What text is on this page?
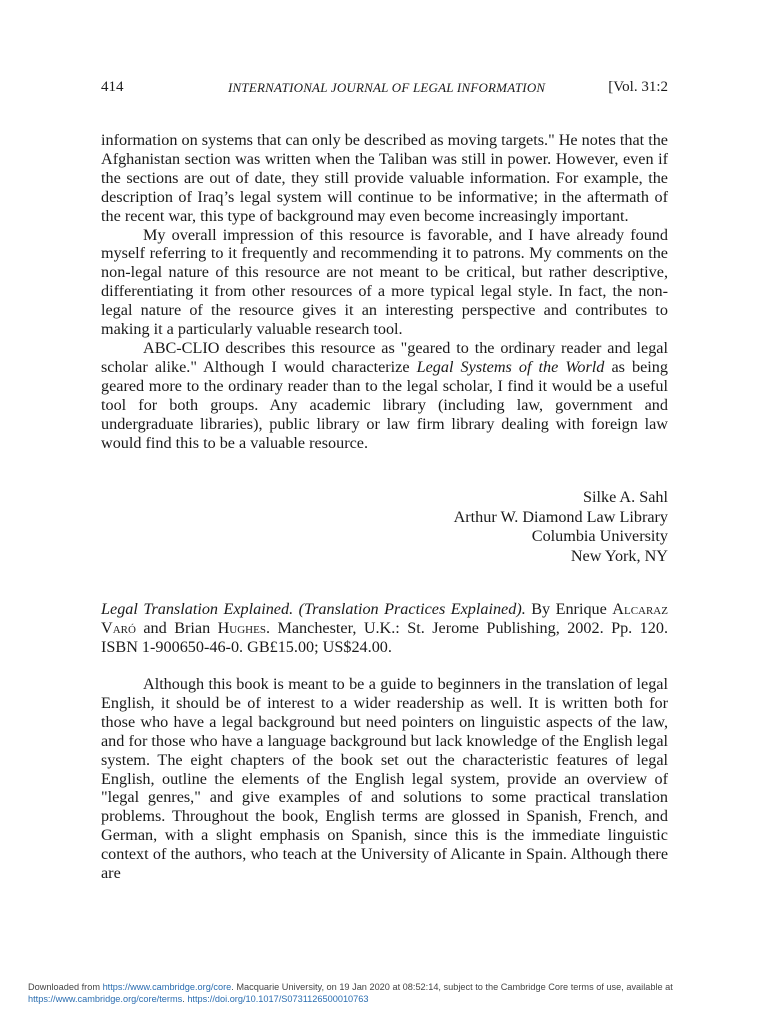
414	INTERNATIONAL JOURNAL OF LEGAL INFORMATION	[Vol. 31:2

information on systems that can only be described as moving targets." He notes that the Afghanistan section was written when the Taliban was still in power. However, even if the sections are out of date, they still provide valuable information. For example, the description of Iraq’s legal system will continue to be informative; in the aftermath of the recent war, this type of background may even become increasingly important.

My overall impression of this resource is favorable, and I have already found myself referring to it frequently and recommending it to patrons. My comments on the non-legal nature of this resource are not meant to be critical, but rather descriptive, differentiating it from other resources of a more typical legal style. In fact, the non-legal nature of the resource gives it an interesting perspective and contributes to making it a particularly valuable research tool.

ABC-CLIO describes this resource as "geared to the ordinary reader and legal scholar alike." Although I would characterize Legal Systems of the World as being geared more to the ordinary reader than to the legal scholar, I find it would be a useful tool for both groups. Any academic library (including law, government and undergraduate libraries), public library or law firm library dealing with foreign law would find this to be a valuable resource.

Silke A. Sahl
Arthur W. Diamond Law Library
Columbia University
New York, NY

Legal Translation Explained. (Translation Practices Explained). By Enrique Alcaraz Varó and Brian Hughes. Manchester, U.K.: St. Jerome Publishing, 2002. Pp. 120. ISBN 1-900650-46-0. GB£15.00; US$24.00.

Although this book is meant to be a guide to beginners in the translation of legal English, it should be of interest to a wider readership as well. It is written both for those who have a legal background but need pointers on linguistic aspects of the law, and for those who have a language background but lack knowledge of the English legal system. The eight chapters of the book set out the characteristic features of legal English, outline the elements of the English legal system, provide an overview of "legal genres," and give examples of and solutions to some practical translation problems. Throughout the book, English terms are glossed in Spanish, French, and German, with a slight emphasis on Spanish, since this is the immediate linguistic context of the authors, who teach at the University of Alicante in Spain. Although there are

Downloaded from https://www.cambridge.org/core. Macquarie University, on 19 Jan 2020 at 08:52:14, subject to the Cambridge Core terms of use, available at https://www.cambridge.org/core/terms. https://doi.org/10.1017/S0731126500010763
